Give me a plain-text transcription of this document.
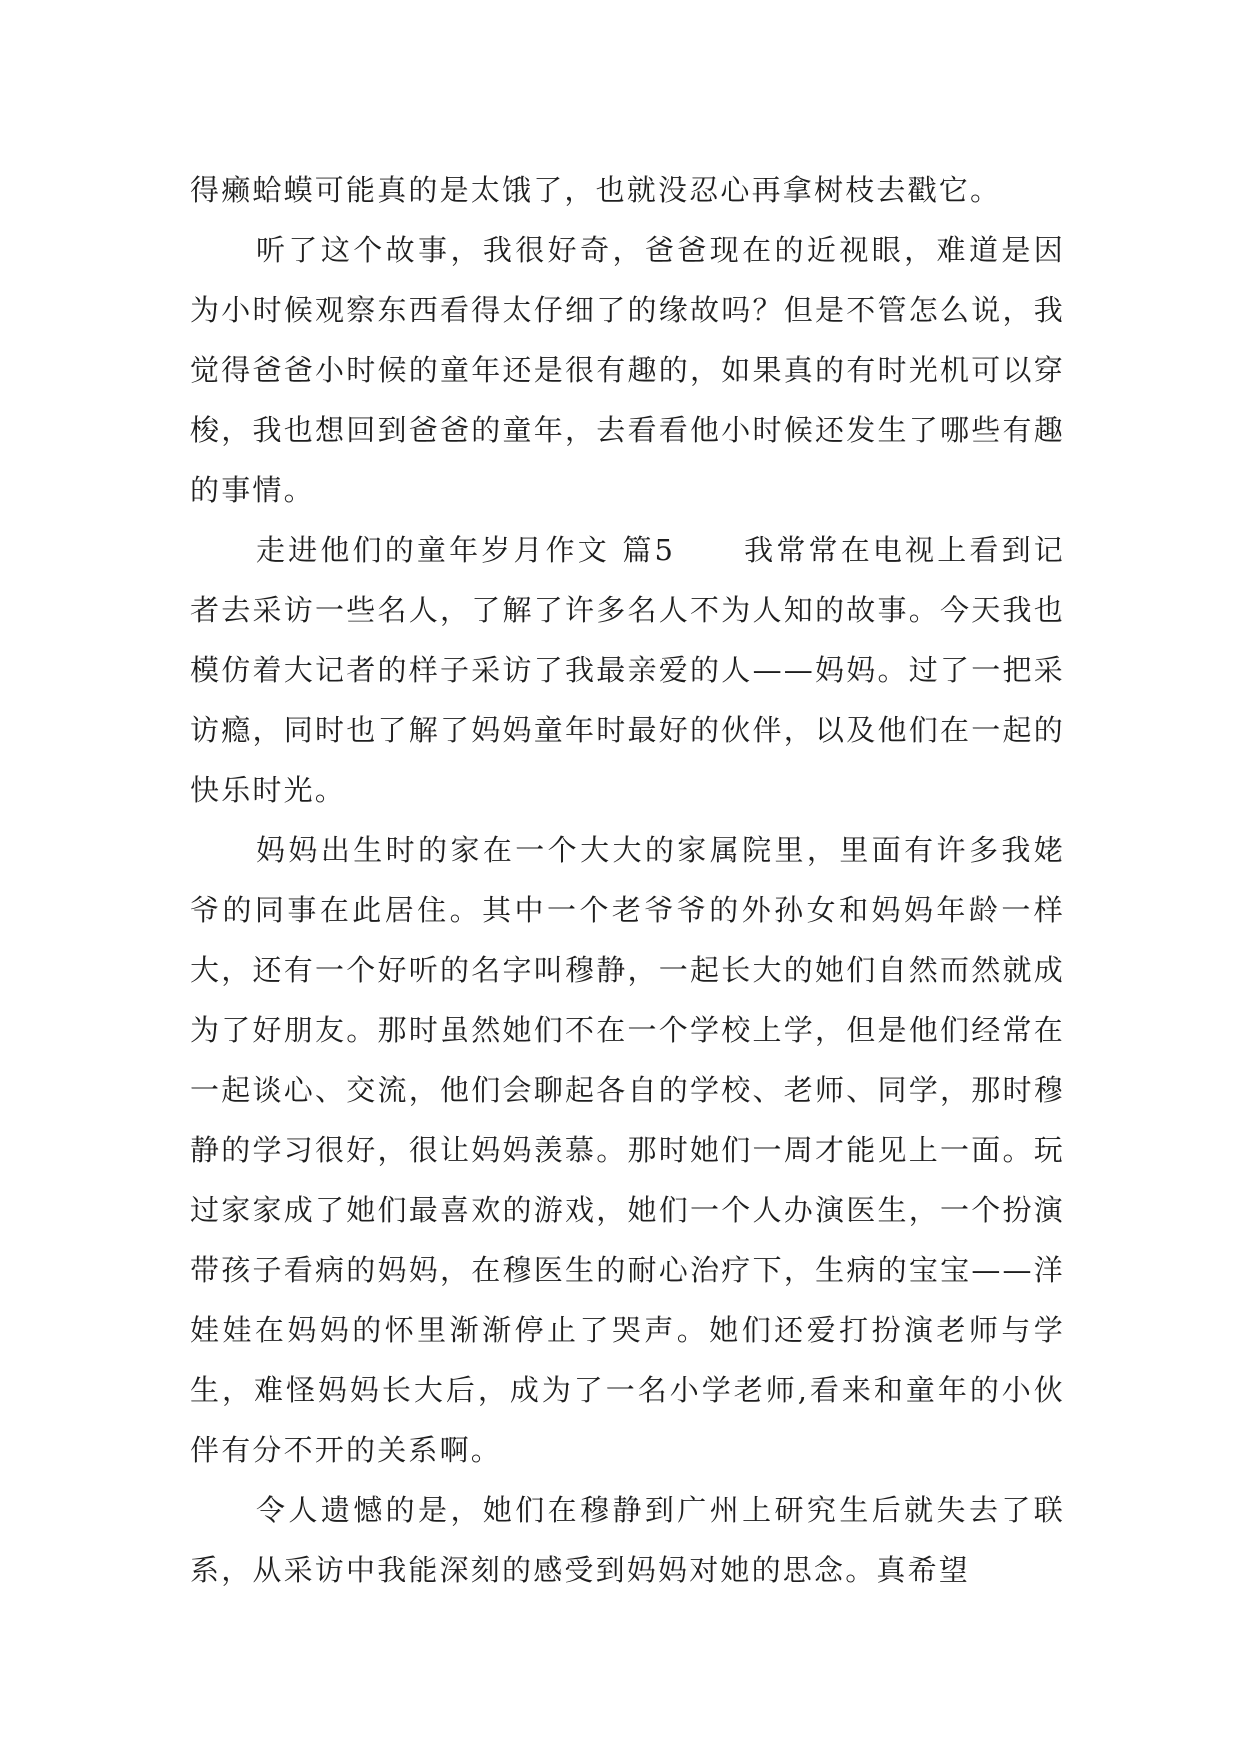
得癞蛤蟆可能真的是太饿了，也就没忍心再拿树枝去戳它。

听了这个故事，我很好奇，爸爸现在的近视眼，难道是因为小时候观察东西看得太仔细了的缘故吗？但是不管怎么说，我觉得爸爸小时候的童年还是很有趣的，如果真的有时光机可以穿梭，我也想回到爸爸的童年，去看看他小时候还发生了哪些有趣的事情。

走进他们的童年岁月作文 篇5 我常常在电视上看到记者去采访一些名人，了解了许多名人不为人知的故事。今天我也模仿着大记者的样子采访了我最亲爱的人——妈妈。过了一把采访瘾，同时也了解了妈妈童年时最好的伙伴，以及他们在一起的快乐时光。

妈妈出生时的家在一个大大的家属院里，里面有许多我姥爷的同事在此居住。其中一个老爷爷的外孙女和妈妈年龄一样大，还有一个好听的名字叫穆静，一起长大的她们自然而然就成为了好朋友。那时虽然她们不在一个学校上学，但是他们经常在一起谈心、交流，他们会聊起各自的学校、老师、同学，那时穆静的学习很好，很让妈妈羡慕。那时她们一周才能见上一面。玩过家家成了她们最喜欢的游戏，她们一个人办演医生，一个扮演带孩子看病的妈妈，在穆医生的耐心治疗下，生病的宝宝——洋娃娃在妈妈的怀里渐渐停止了哭声。她们还爱打扮演老师与学生，难怪妈妈长大后，成为了一名小学老师,看来和童年的小伙伴有分不开的关系啊。

令人遗憾的是，她们在穆静到广州上研究生后就失去了联系，从采访中我能深刻的感受到妈妈对她的思念。真希望
